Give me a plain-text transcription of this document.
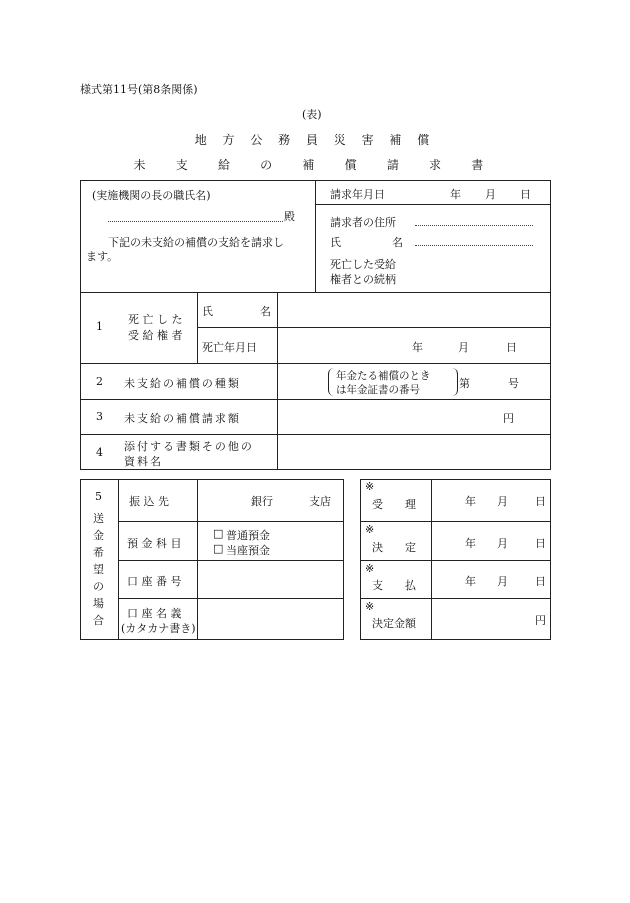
様式第11号(第8条関係)
(表)
地 方 公 務 員 災 害 補 償
未 支 給 の 補 償 請 求 書
(実施機関の長の職氏名)
殿
下記の未支給の補償の支給を請求し
ます。
請求年月日	年 月 日
請求者の住所
氏	名
死亡した受給
権者との続柄
1
死 亡 し た
受 給 権 者
氏	名
死亡年月日	年	月	日
2 未支給の補償の種類
年金たる補償のとき
は年金証書の番号	第	号
3 未支給の補償請求額	円
4 添付する書類その他の
資料名
5
送
金
希
望
の
場
合
振 込 先	銀行	支店
預 金 科 目
□ 普通預金
□ 当座預金
口 座 番 号
口 座 名 義
(カタカナ書き)
※
受　　理	年 月 日
※
決　　定	年 月 日
※
支　　払	年 月 日
※
決定金額	円
